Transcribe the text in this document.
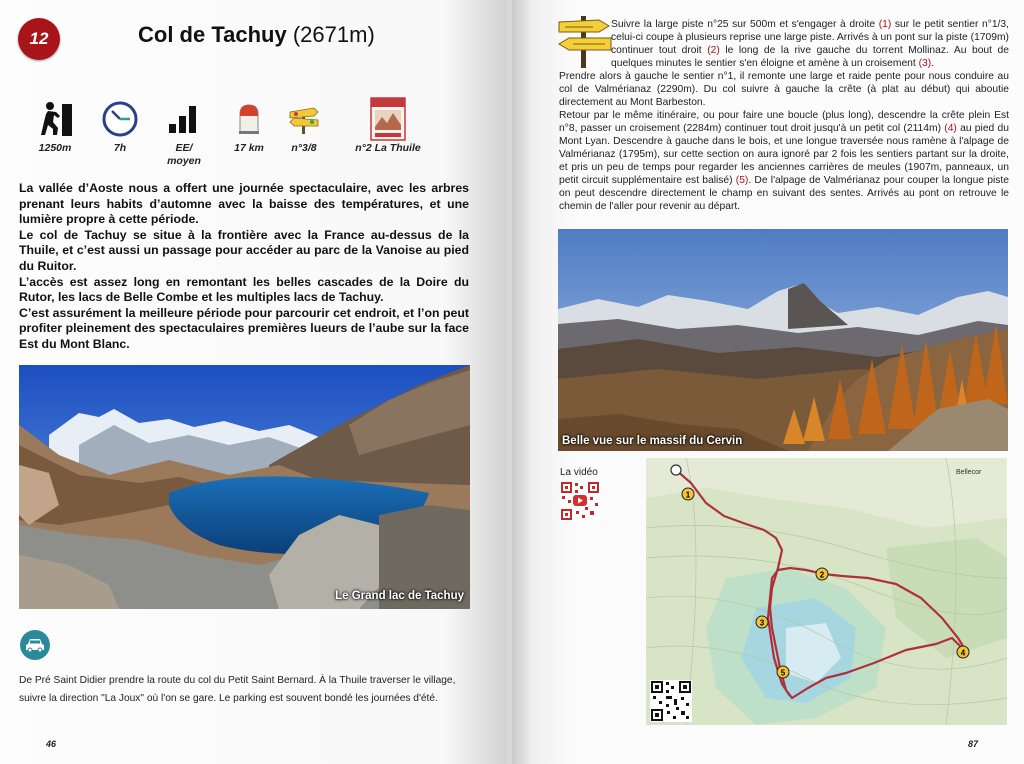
12	Col de Tachuy (2671m)
1250m	7h	EE/ moyen
17 km	n°3/8	n°2 La Thuile

La vallée d’Aoste nous a offert une journée spectaculaire, avec les arbres prenant leurs habits d’automne avec la baisse des températures, et une lumière propre à cette période.

Le col de Tachuy se situe à la frontière avec la France au-dessus de la Thuile, et c’est aussi un passage pour accéder au parc de la Vanoise au pied du Ruitor.

L’accès est assez long en remontant les belles cascades de la Doire du Rutor, les lacs de Belle Combe et les multiples lacs de Tachuy.

C’est assurément la meilleure période pour parcourir cet endroit, et l’on peut profiter pleinement des spectaculaires premières lueurs de l’aube sur la face Est du Mont Blanc.

Le Grand lac de Tachuy
De Pré Saint Didier prendre la route du col du Petit Saint Bernard. À la Thuile traverser le village, suivre la direction "La Joux" où l'on se gare. Le parking est souvent bondé les journées d'été.
46

Suivre la large piste n°25 sur 500m et s'engager à droite (1) sur le petit sentier n°1/3, celui-ci coupe à plusieurs reprise une large piste. Arrivés à un pont sur la piste (1709m) continuer tout droit (2) le long de la rive gauche du torrent Mollinaz. Au bout de quelques minutes le sentier s'en éloigne et amène à un croisement (3).

Prendre alors à gauche le sentier n°1, il remonte une large et raide pente pour nous conduire au col de Valmérianaz (2290m). Du col suivre à gauche la crête (à plat au début) qui aboutie directement au Mont Barbeston.

Retour par le même itinéraire, ou pour faire une boucle (plus long), descendre la crête plein Est n°8, passer un croisement (2284m) continuer tout droit jusqu'à un petit col (2114m) (4) au pied du Mont Lyan. Descendre à gauche dans le bois, et une longue traversée nous ramène à l'alpage de Valmérianaz (1795m), sur cette section on aura ignoré par 2 fois les sentiers partant sur la droite, et pris un peu de temps pour regarder les anciennes carrières de meules (1907m, panneaux, un petit circuit supplémentaire est balisé) (5). De l'alpage de Valmérianaz pour couper la longue piste on peut descendre directement le champ en suivant des sentes. Arrivés au pont on retrouve le chemin de l'aller pour revenir au départ.

Belle vue sur le massif du Cervin
La vidéo
1
2
3
4
5
Bellecor
87
